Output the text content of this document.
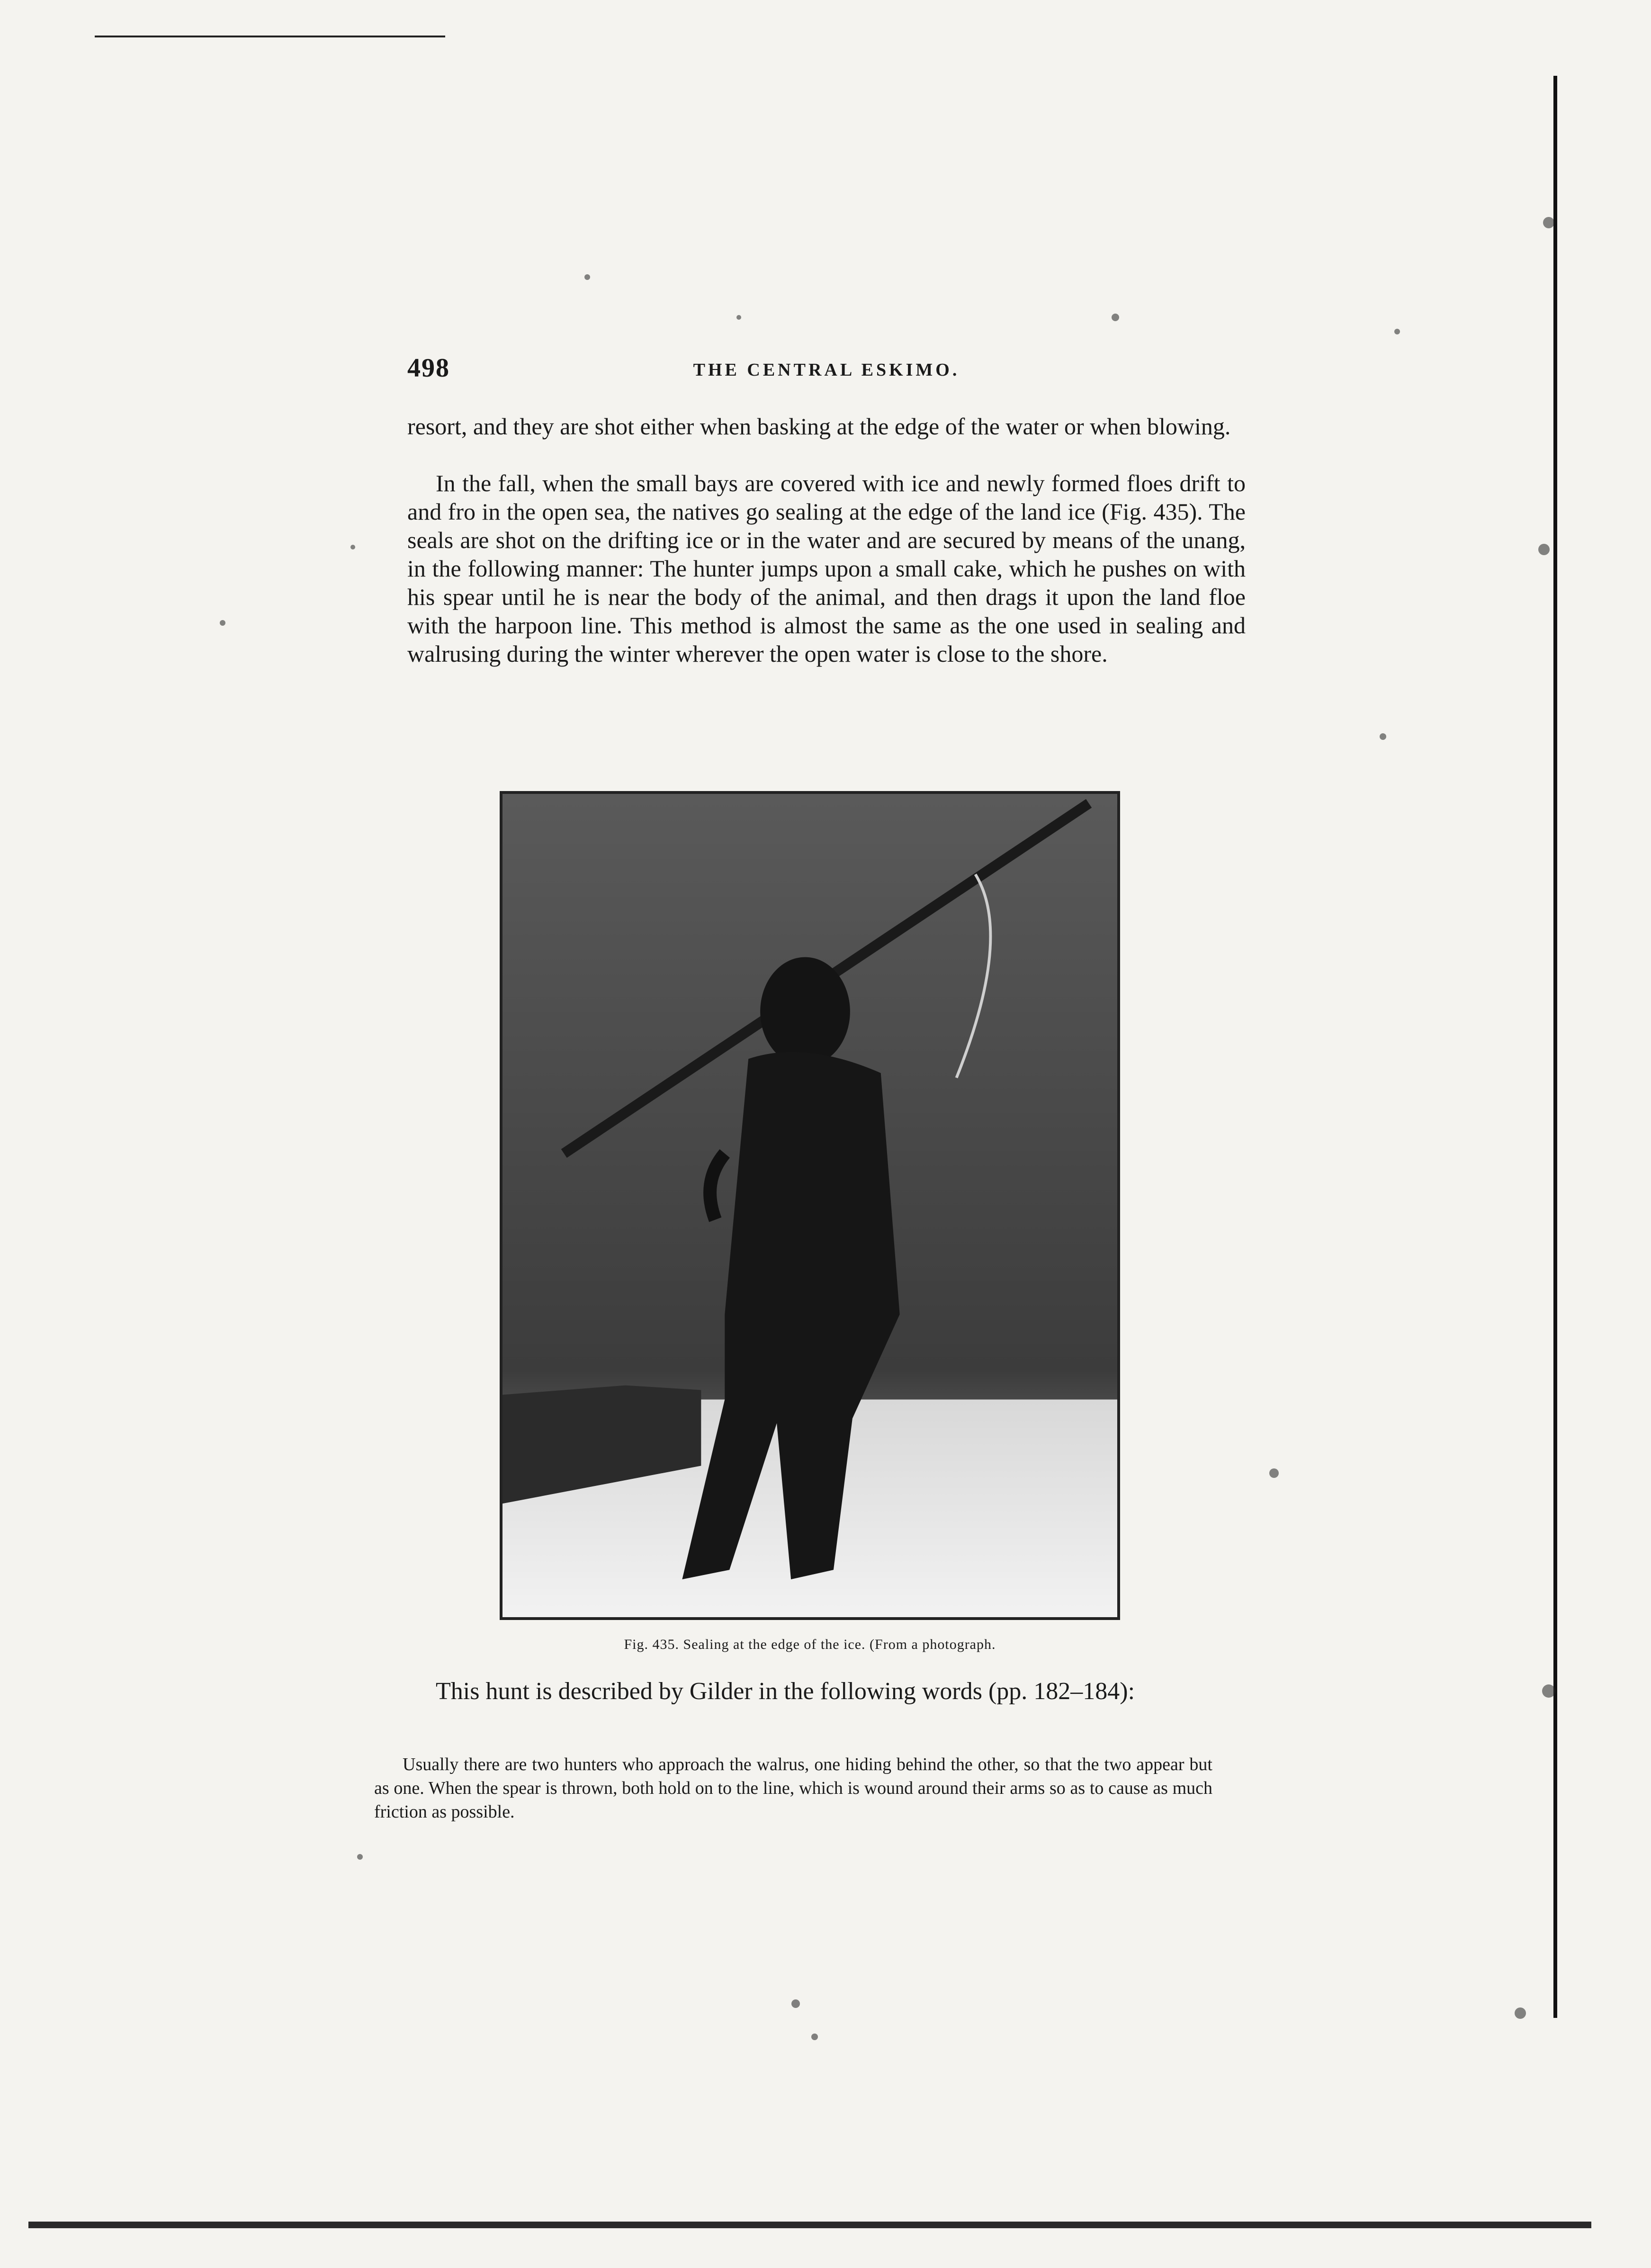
498	THE CENTRAL ESKIMO.

resort, and they are shot either when basking at the edge of the water or when blowing.

In the fall, when the small bays are covered with ice and newly formed floes drift to and fro in the open sea, the natives go sealing at the edge of the land ice (Fig. 435). The seals are shot on the drifting ice or in the water and are secured by means of the unang, in the following manner: The hunter jumps upon a small cake, which he pushes on with his spear until he is near the body of the animal, and then drags it upon the land floe with the harpoon line. This method is almost the same as the one used in sealing and walrusing during the winter wherever the open water is close to the shore.

Fig. 435. Sealing at the edge of the ice. (From a photograph.

This hunt is described by Gilder in the following words (pp. 182–184):

Usually there are two hunters who approach the walrus, one hiding behind the other, so that the two appear but as one. When the spear is thrown, both hold on to the line, which is wound around their arms so as to cause as much friction as possible.
